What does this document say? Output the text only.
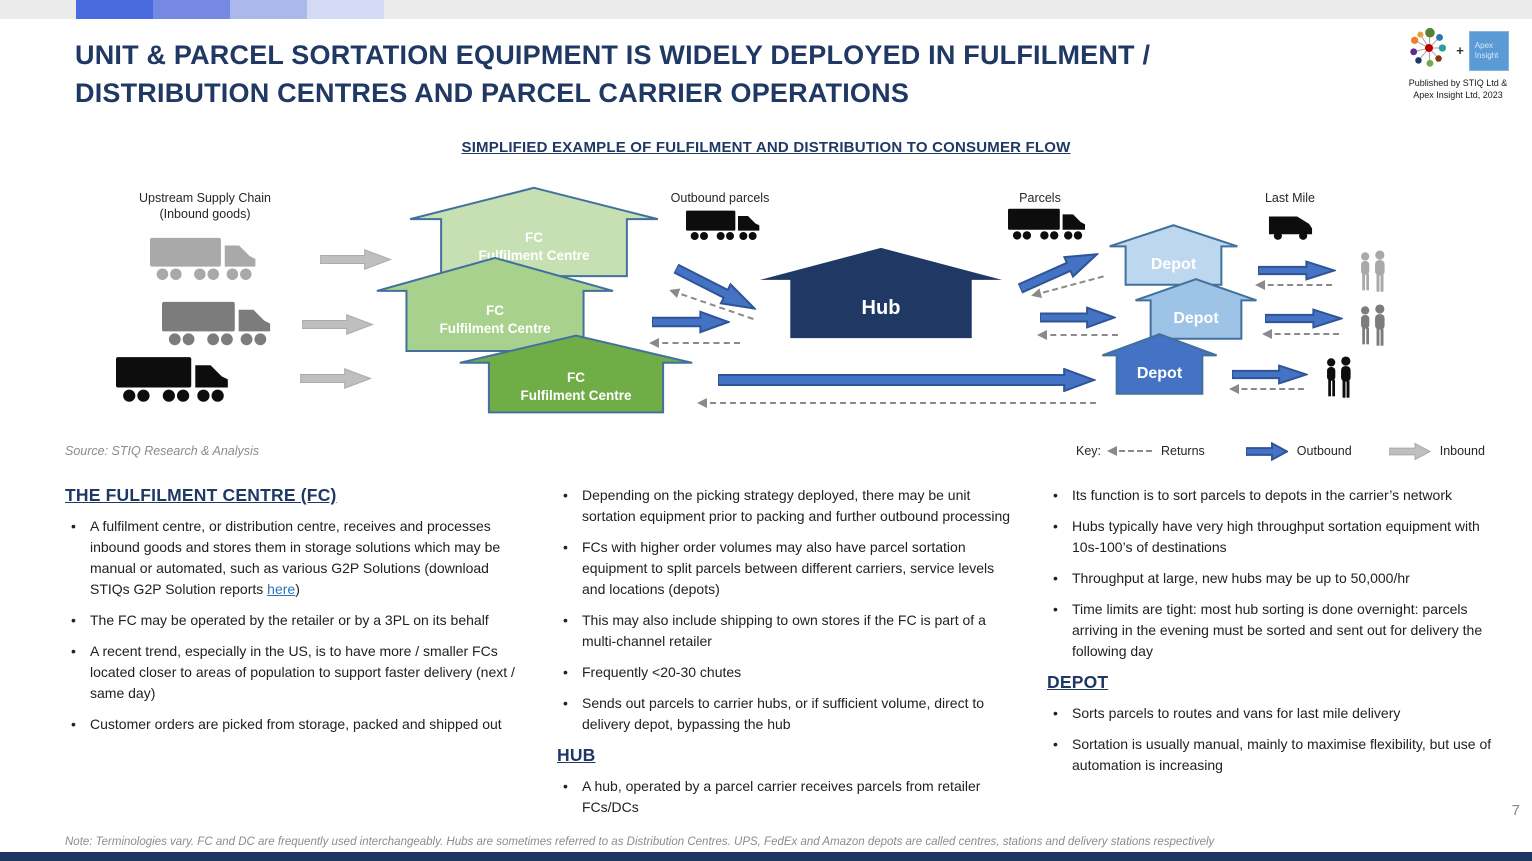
UNIT & PARCEL SORTATION EQUIPMENT IS WIDELY DEPLOYED IN FULFILMENT /
DISTRIBUTION CENTRES AND PARCEL CARRIER OPERATIONS
+	Apex Insight
Published by STIQ Ltd & Apex Insight Ltd, 2023
SIMPLIFIED EXAMPLE OF FULFILMENT AND DISTRIBUTION TO CONSUMER FLOW
Upstream Supply Chain
(Inbound goods)
FC
Fulfilment Centre
FC
Fulfilment Centre
FC
Fulfilment Centre
Outbound parcels
Hub
Parcels
Depot
Depot
Depot
Last Mile
Source: STIQ Research & Analysis	Key:	Returns	Outbound	Inbound
THE FULFILMENT CENTRE (FC)
• A fulfilment centre, or distribution centre, receives and processes inbound goods and stores them in storage solutions which may be manual or automated, such as various G2P Solutions (download STIQs G2P Solution reports here)
• The FC may be operated by the retailer or by a 3PL on its behalf
• A recent trend, especially in the US, is to have more / smaller FCs located closer to areas of population to support faster delivery (next / same day)
• Customer orders are picked from storage, packed and shipped out
• Depending on the picking strategy deployed, there may be unit sortation equipment prior to packing and further outbound processing
• FCs with higher order volumes may also have parcel sortation equipment to split parcels between different carriers, service levels and locations (depots)
• This may also include shipping to own stores if the FC is part of a multi-channel retailer
• Frequently <20-30 chutes
• Sends out parcels to carrier hubs, or if sufficient volume, direct to delivery depot, bypassing the hub
HUB
• A hub, operated by a parcel carrier receives parcels from retailer FCs/DCs
• Its function is to sort parcels to depots in the carrier’s network
• Hubs typically have very high throughput sortation equipment with 10s-100’s of destinations
• Throughput at large, new hubs may be up to 50,000/hr
• Time limits are tight: most hub sorting is done overnight: parcels arriving in the evening must be sorted and sent out for delivery the following day
DEPOT
• Sorts parcels to routes and vans for last mile delivery
• Sortation is usually manual, mainly to maximise flexibility, but use of automation is increasing
Note: Terminologies vary. FC and DC are frequently used interchangeably. Hubs are sometimes referred to as Distribution Centres. UPS, FedEx and Amazon depots are called centres, stations and delivery stations respectively
7
